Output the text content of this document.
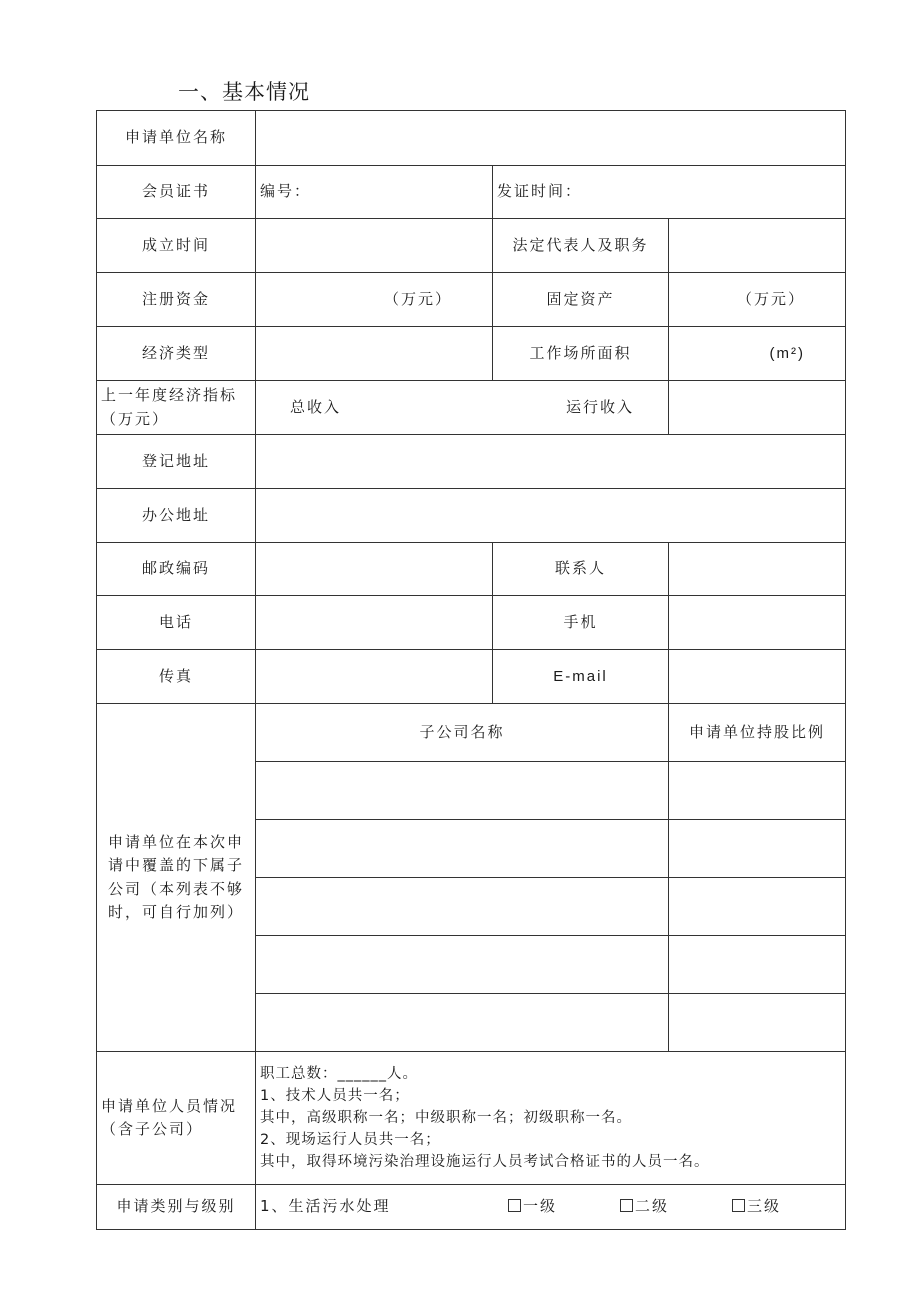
一、基本情况
申请单位名称			
会员证书	编号：	发证时间：	
成立时间		法定代表人及职务	
注册资金	（万元）	固定资产	（万元）
经济类型		工作场所面积	(m²)
上一年度经济指标（万元）	总收入 运行收入		

登记地址			
办公地址			
邮政编码		联系人	
电话		手机	
传真		E-mail	
申请单位在本次申请中覆盖的下属子公司（本列表不够时，可自行加列）	子公司名称		申请单位持股比例

申请单位人员情况（含子公司）	职工总数：______人。
1、技术人员共一名；
其中，高级职称一名；中级职称一名；初级职称一名。
2、现场运行人员共一名；
其中，取得环境污染治理设施运行人员考试合格证书的人员一名。		

申请类别与级别	1、生活污水处理 一级 二级 三级		
